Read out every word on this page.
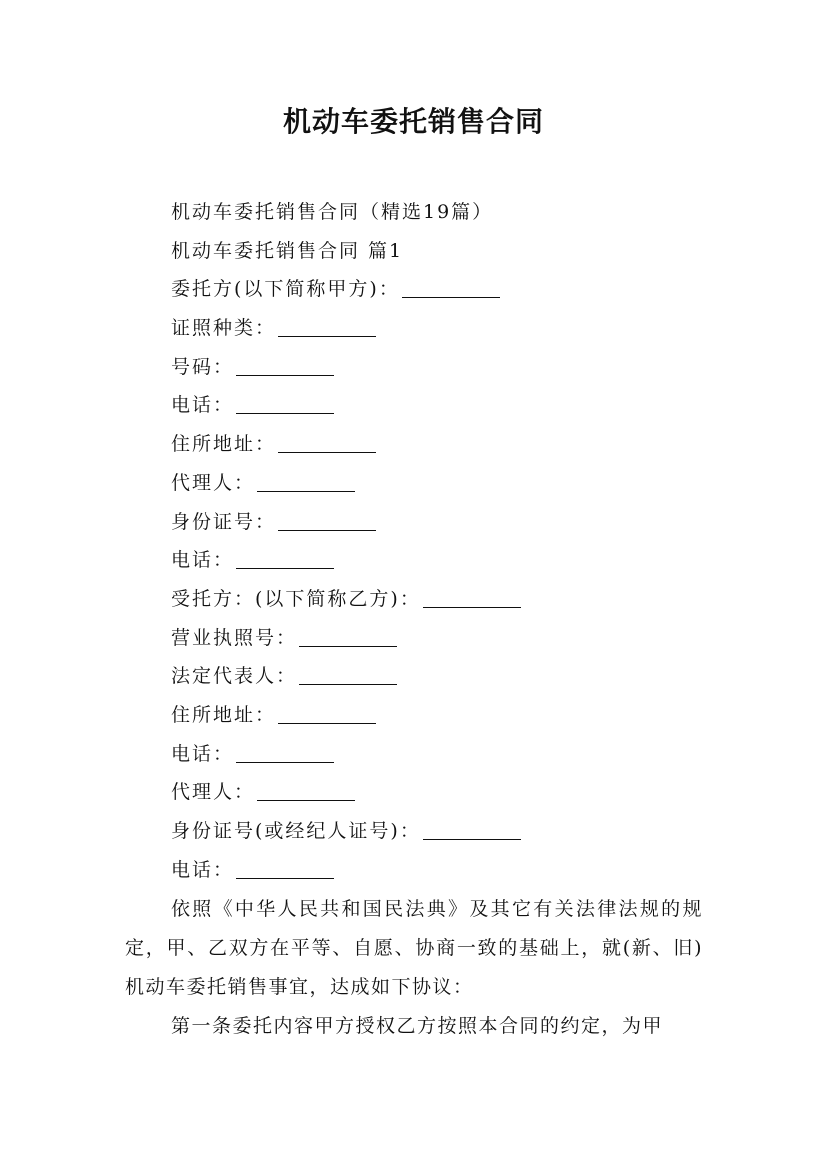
机动车委托销售合同
机动车委托销售合同（精选19篇）
机动车委托销售合同 篇1
委托方(以下简称甲方)：
证照种类：
号码：
电话：
住所地址：
代理人：
身份证号：
电话：
受托方：(以下简称乙方)：
营业执照号：
法定代表人：
住所地址：
电话：
代理人：
身份证号(或经纪人证号)：
电话：

依照《中华人民共和国民法典》及其它有关法律法规的规定，甲、乙双方在平等、自愿、协商一致的基础上，就(新、旧)机动车委托销售事宜，达成如下协议：

第一条委托内容甲方授权乙方按照本合同的约定，为甲
